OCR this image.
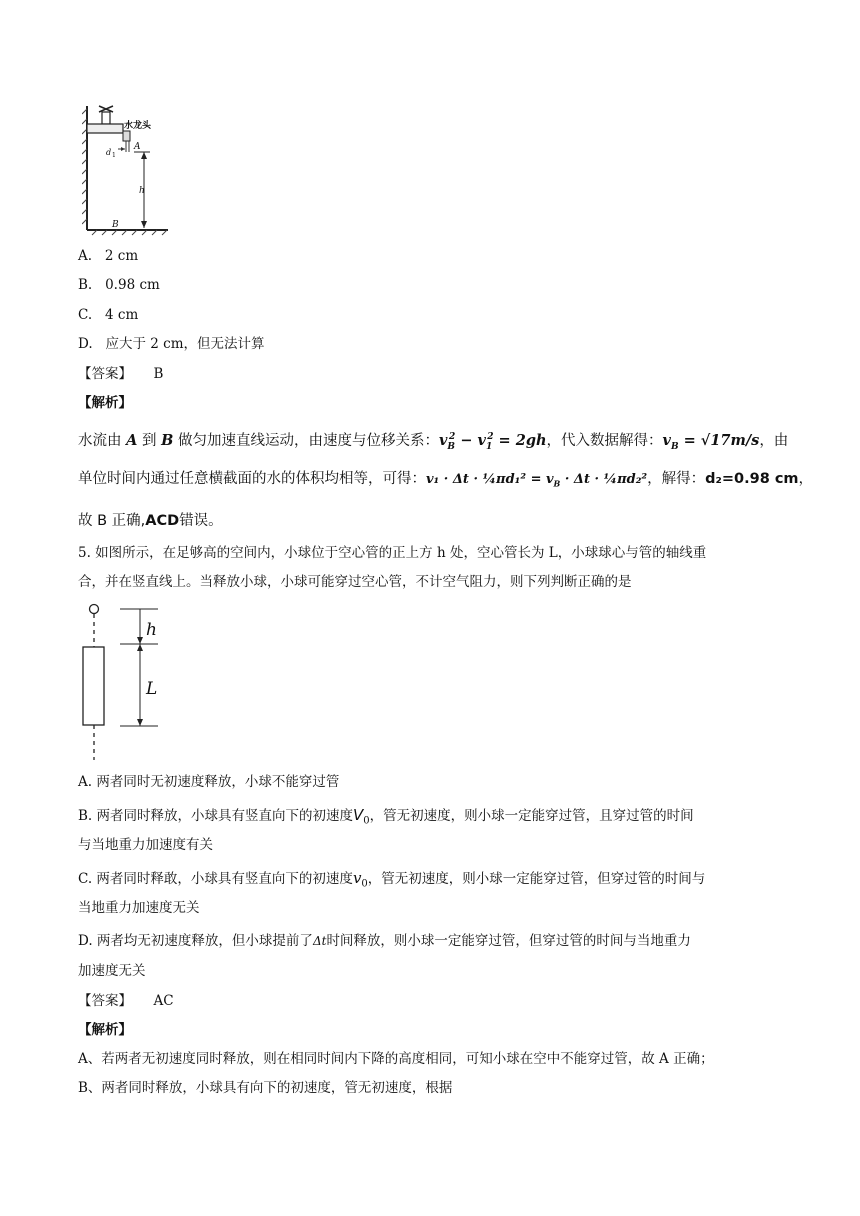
水龙头
A
d 1
h
B
A. 2 cm
B. 0.98 cm
C. 4 cm
D. 应大于 2 cm，但无法计算
【答案】 B
【解析】
水流由 A 到 B 做匀加速直线运动，由速度与位移关系：$v_B^2 - v_1^2 = 2gh$，代入数据解得：$v_B = √17m/s$，由
单位时间内通过任意横截面的水的体积均相等，可得：v₁ · Δt · ¼πd₁² = $v_B \cdot \Delta t$ · ¼πd₂²，解得：d₂=0.98 cm，
故 B 正确,ACD错误。
5. 如图所示，在足够高的空间内，小球位于空心管的正上方 h 处，空心管长为 L，小球球心与管的轴线重
合，并在竖直线上。当释放小球，小球可能穿过空心管，不计空气阻力，则下列判断正确的是
h
L
A. 两者同时无初速度释放，小球不能穿过管
B. 两者同时释放，小球具有竖直向下的初速度$V_0$，管无初速度，则小球一定能穿过管，且穿过管的时间
与当地重力加速度有关
C. 两者同时释敢，小球具有竖直向下的初速度$v_0$，管无初速度，则小球一定能穿过管，但穿过管的时间与
当地重力加速度无关
D. 两者均无初速度释放，但小球提前了Δt时间释放，则小球一定能穿过管，但穿过管的时间与当地重力
加速度无关
【答案】 AC
【解析】
A、若两者无初速度同时释放，则在相同时间内下降的高度相同，可知小球在空中不能穿过管，故 A 正确；
B、两者同时释放，小球具有向下的初速度，管无初速度，根据
